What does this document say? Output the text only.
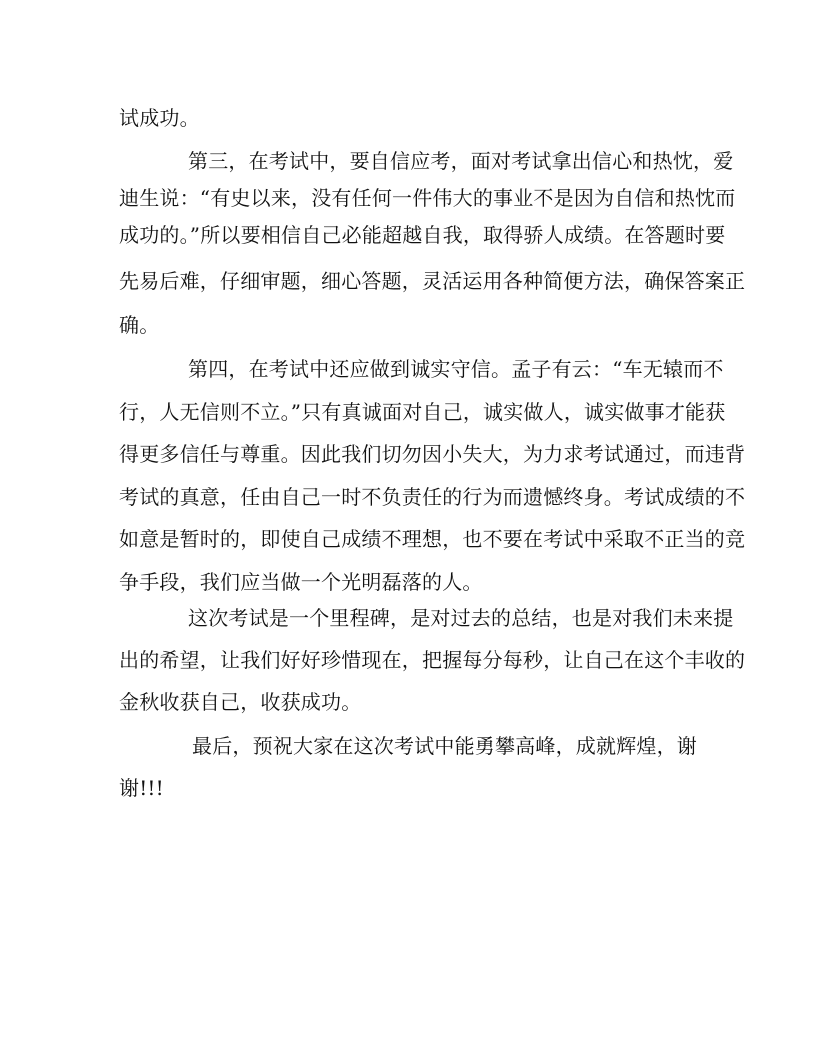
试成功。
第三，在考试中，要自信应考，面对考试拿出信心和热忱，爱
迪生说：“有史以来，没有任何一件伟大的事业不是因为自信和热忱而
成功的。”所以要相信自己必能超越自我，取得骄人成绩。在答题时要
先易后难，仔细审题，细心答题，灵活运用各种简便方法，确保答案正
确。
第四，在考试中还应做到诚实守信。孟子有云：“车无辕而不
行，人无信则不立。”只有真诚面对自己，诚实做人，诚实做事才能获
得更多信任与尊重。因此我们切勿因小失大，为力求考试通过，而违背
考试的真意，任由自己一时不负责任的行为而遗憾终身。考试成绩的不
如意是暂时的，即使自己成绩不理想，也不要在考试中采取不正当的竞
争手段，我们应当做一个光明磊落的人。
这次考试是一个里程碑，是对过去的总结，也是对我们未来提
出的希望，让我们好好珍惜现在，把握每分每秒，让自己在这个丰收的
金秋收获自己，收获成功。
最后，预祝大家在这次考试中能勇攀高峰，成就辉煌，谢
谢!!!
